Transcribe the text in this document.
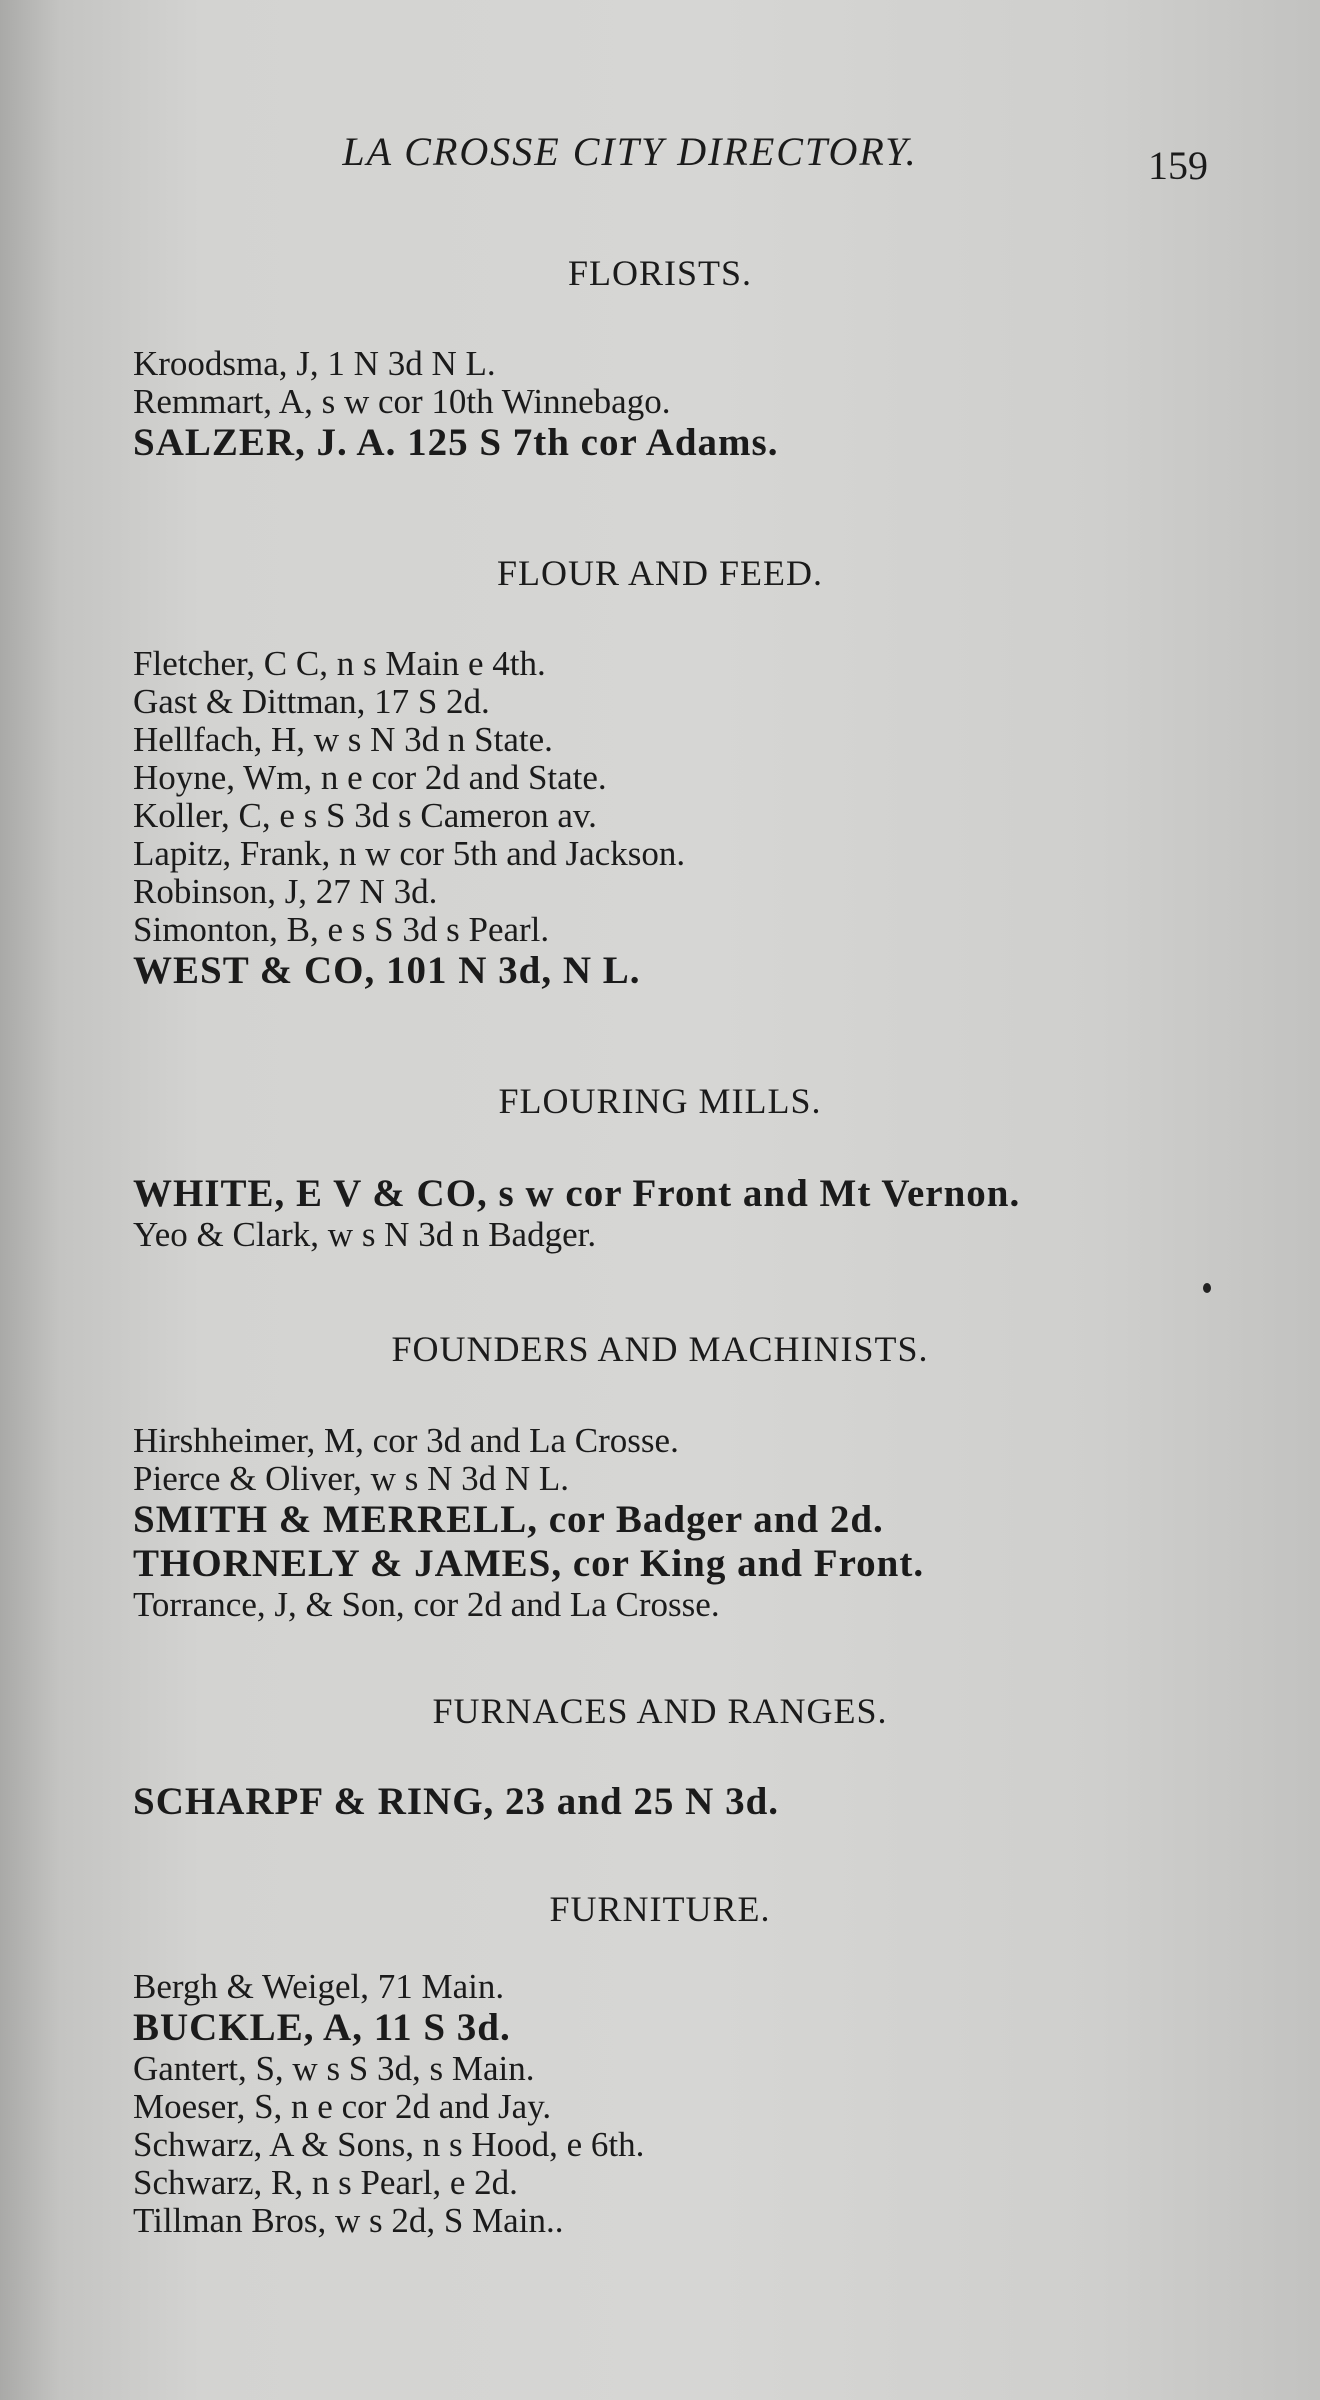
LA CROSSE CITY DIRECTORY.	159
FLORISTS.
Kroodsma, J, 1 N 3d N L.
Remmart, A, s w cor 10th Winnebago.
SALZER, J. A. 125 S 7th cor Adams.
FLOUR AND FEED.
Fletcher, C C, n s Main e 4th.
Gast & Dittman, 17 S 2d.
Hellfach, H, w s N 3d n State.
Hoyne, Wm, n e cor 2d and State.
Koller, C, e s S 3d s Cameron av.
Lapitz, Frank, n w cor 5th and Jackson.
Robinson, J, 27 N 3d.
Simonton, B, e s S 3d s Pearl.
WEST & CO, 101 N 3d, N L.
FLOURING MILLS.
WHITE, E V & CO, s w cor Front and Mt Vernon.
Yeo & Clark, w s N 3d n Badger.
FOUNDERS AND MACHINISTS.
Hirshheimer, M, cor 3d and La Crosse.
Pierce & Oliver, w s N 3d N L.
SMITH & MERRELL, cor Badger and 2d.
THORNELY & JAMES, cor King and Front.
Torrance, J, & Son, cor 2d and La Crosse.
FURNACES AND RANGES.
SCHARPF & RING, 23 and 25 N 3d.
FURNITURE.
Bergh & Weigel, 71 Main.
BUCKLE, A, 11 S 3d.
Gantert, S, w s S 3d, s Main.
Moeser, S, n e cor 2d and Jay.
Schwarz, A & Sons, n s Hood, e 6th.
Schwarz, R, n s Pearl, e 2d.
Tillman Bros, w s 2d, S Main..
